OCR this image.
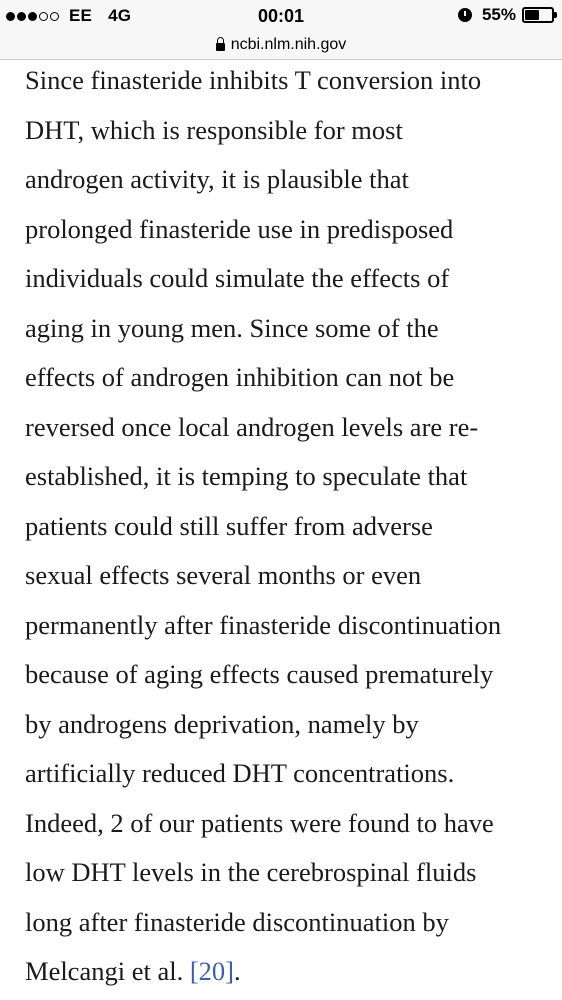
EE 4G	00:01	55%
ncbi.nlm.nih.gov

Since finasteride inhibits T conversion into
DHT, which is responsible for most
androgen activity, it is plausible that
prolonged finasteride use in predisposed
individuals could simulate the effects of
aging in young men. Since some of the
effects of androgen inhibition can not be
reversed once local androgen levels are re-
established, it is temping to speculate that
patients could still suffer from adverse
sexual effects several months or even
permanently after finasteride discontinuation
because of aging effects caused prematurely
by androgens deprivation, namely by
artificially reduced DHT concentrations.
Indeed, 2 of our patients were found to have
low DHT levels in the cerebrospinal fluids
long after finasteride discontinuation by
Melcangi et al. [20].
